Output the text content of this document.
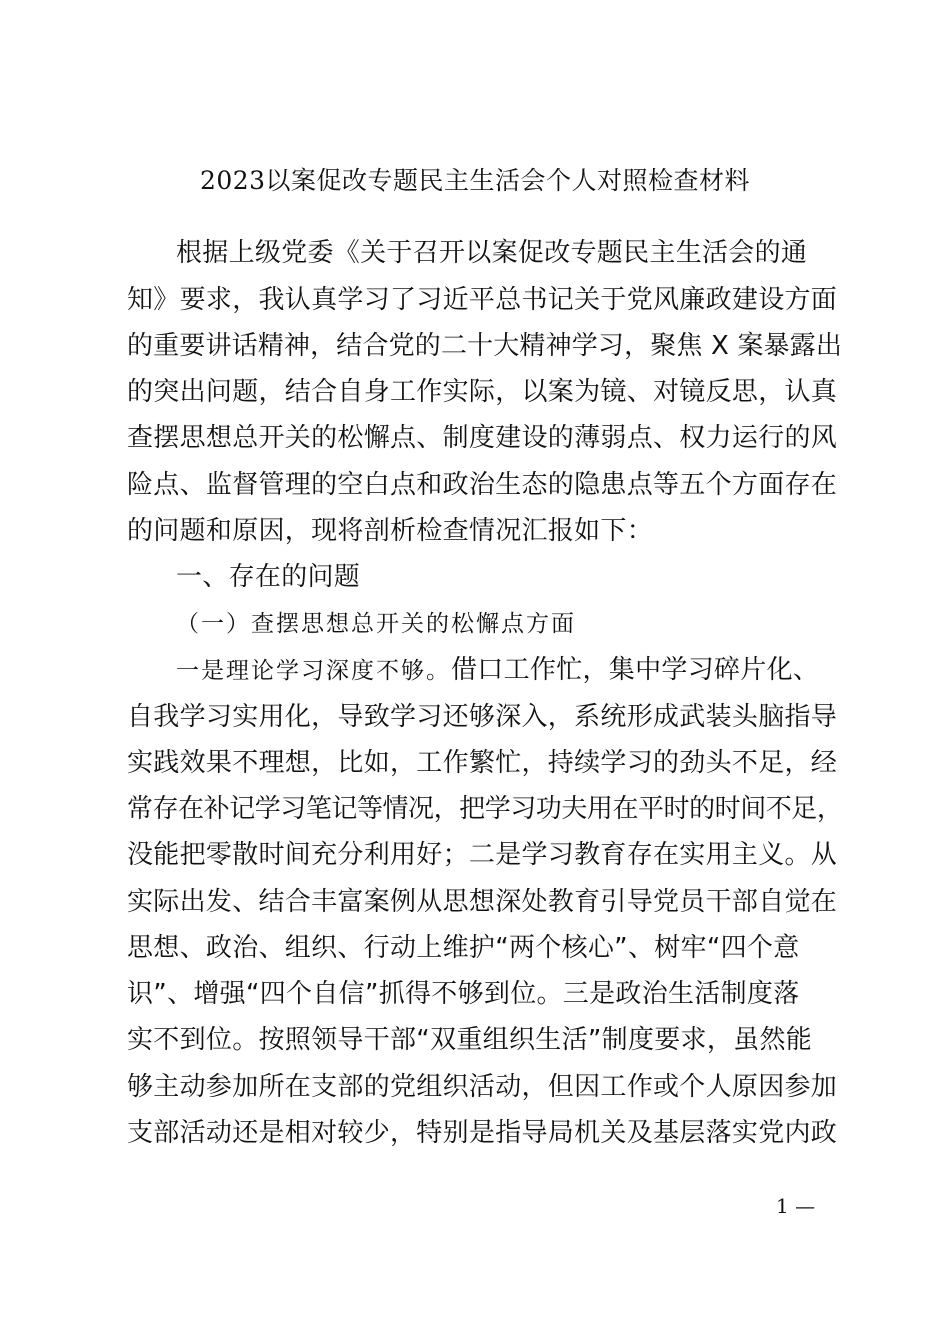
2023以案促改专题民主生活会个人对照检查材料
根据上级党委《关于召开以案促改专题民主生活会的通
知》要求，我认真学习了习近平总书记关于党风廉政建设方面
的重要讲话精神，结合党的二十大精神学习，聚焦 X 案暴露出
的突出问题，结合自身工作实际，以案为镜、对镜反思，认真
查摆思想总开关的松懈点、制度建设的薄弱点、权力运行的风
险点、监督管理的空白点和政治生态的隐患点等五个方面存在
的问题和原因，现将剖析检查情况汇报如下：
一、存在的问题
（一）查摆思想总开关的松懈点方面
一是理论学习深度不够。借口工作忙，集中学习碎片化、
自我学习实用化，导致学习还够深入，系统形成武装头脑指导
实践效果不理想，比如，工作繁忙，持续学习的劲头不足，经
常存在补记学习笔记等情况，把学习功夫用在平时的时间不足，
没能把零散时间充分利用好；二是学习教育存在实用主义。从
实际出发、结合丰富案例从思想深处教育引导党员干部自觉在
思想、政治、组织、行动上维护“两个核心”、树牢“四个意
识”、增强“四个自信”抓得不够到位。三是政治生活制度落
实不到位。按照领导干部“双重组织生活”制度要求，虽然能
够主动参加所在支部的党组织活动，但因工作或个人原因参加
支部活动还是相对较少，特别是指导局机关及基层落实党内政
1 —
